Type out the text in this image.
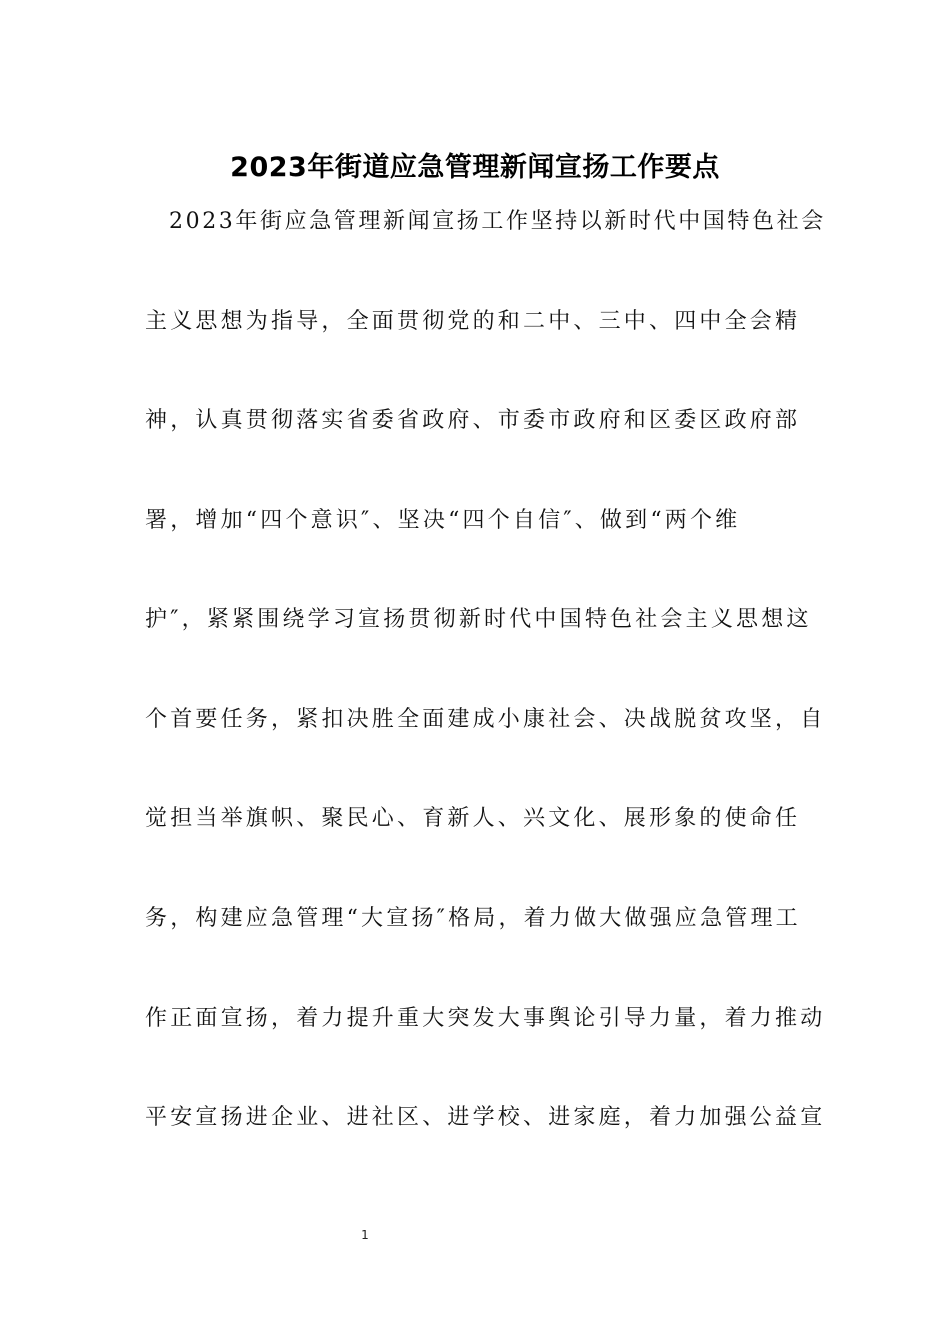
2023年街道应急管理新闻宣扬工作要点
2023年街应急管理新闻宣扬工作坚持以新时代中国特色社会
主义思想为指导，全面贯彻党的和二中、三中、四中全会精
神，认真贯彻落实省委省政府、市委市政府和区委区政府部
署，增加“四个意识″、坚决“四个自信″、做到“两个维
护″，紧紧围绕学习宣扬贯彻新时代中国特色社会主义思想这
个首要任务，紧扣决胜全面建成小康社会、决战脱贫攻坚，自
觉担当举旗帜、聚民心、育新人、兴文化、展形象的使命任
务，构建应急管理“大宣扬″格局，着力做大做强应急管理工
作正面宣扬，着力提升重大突发大事舆论引导力量，着力推动
平安宣扬进企业、进社区、进学校、进家庭，着力加强公益宣
1
